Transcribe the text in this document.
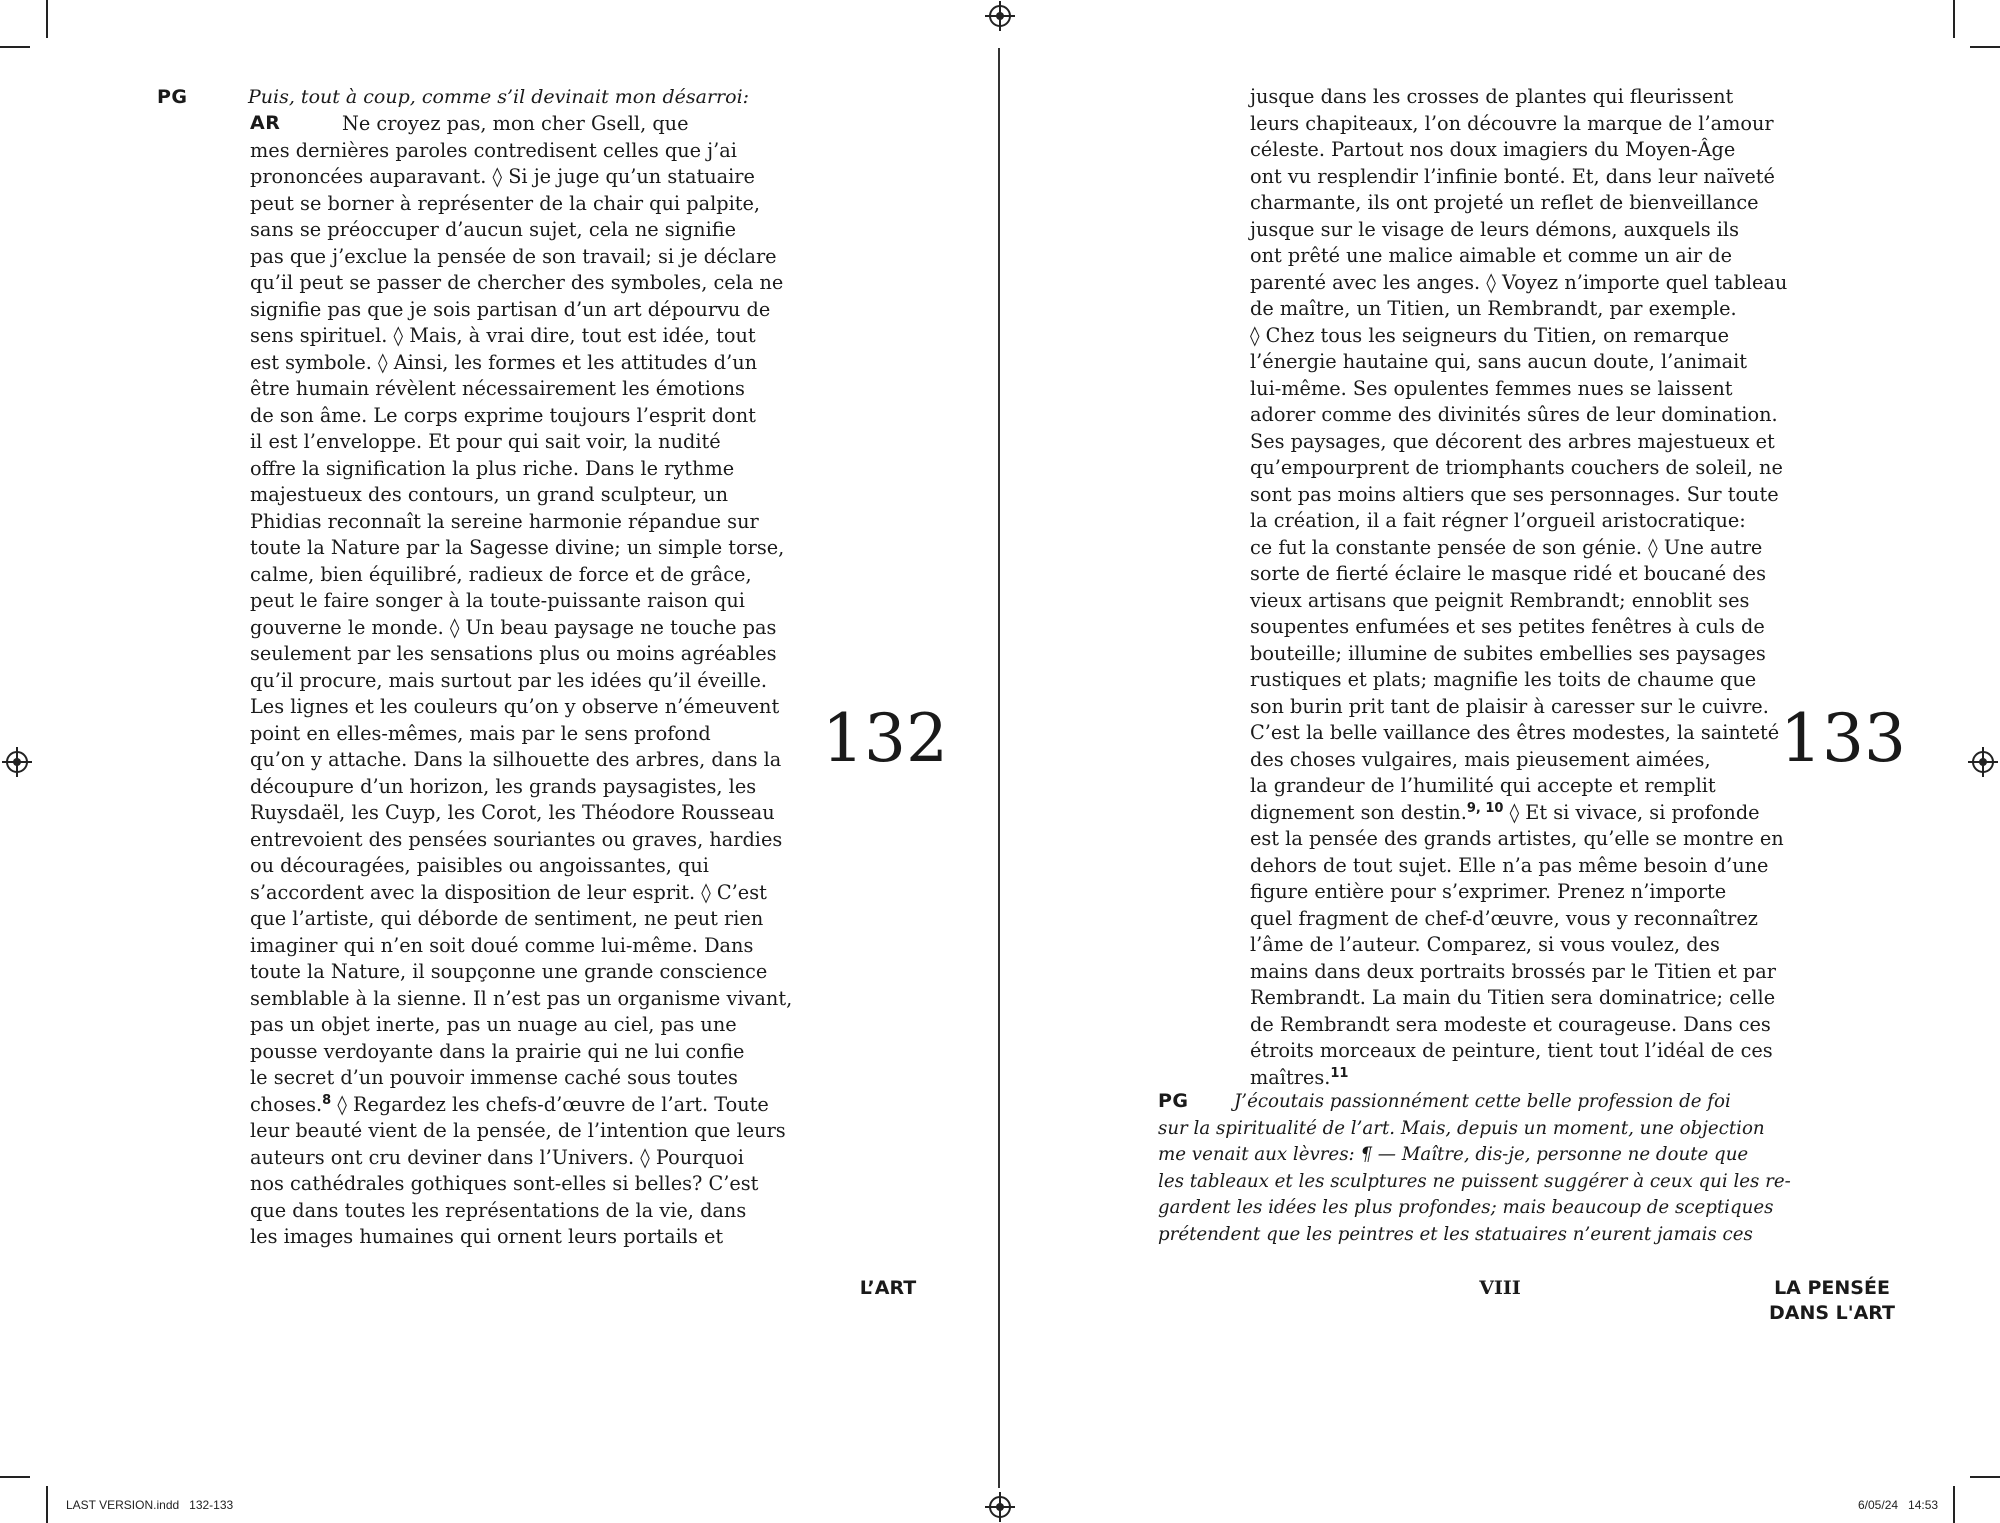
PG	Puis, tout à coup, comme s’il devinait mon désarroi:
AR	Ne croyez pas, mon cher Gsell, que
mes dernières paroles contredisent celles que j’ai
prononcées auparavant. ◊ Si je juge qu’un statuaire
peut se borner à représenter de la chair qui palpite,
sans se préoccuper d’aucun sujet, cela ne signifie
pas que j’exclue la pensée de son travail; si je déclare
qu’il peut se passer de chercher des symboles, cela ne
signifie pas que je sois partisan d’un art dépourvu de
sens spirituel. ◊ Mais, à vrai dire, tout est idée, tout
est symbole. ◊ Ainsi, les formes et les attitudes d’un
être humain révèlent nécessairement les émotions
de son âme. Le corps exprime toujours l’esprit dont
il est l’enveloppe. Et pour qui sait voir, la nudité
offre la signification la plus riche. Dans le rythme
majestueux des contours, un grand sculpteur, un
Phidias reconnaît la sereine harmonie répandue sur
toute la Nature par la Sagesse divine; un simple torse,
calme, bien équilibré, radieux de force et de grâce,
peut le faire songer à la toute-puissante raison qui
gouverne le monde. ◊ Un beau paysage ne touche pas
seulement par les sensations plus ou moins agréables
qu’il procure, mais surtout par les idées qu’il éveille.
Les lignes et les couleurs qu’on y observe n’émeuvent
point en elles-mêmes, mais par le sens profond
qu’on y attache. Dans la silhouette des arbres, dans la
découpure d’un horizon, les grands paysagistes, les
Ruysdaël, les Cuyp, les Corot, les Théodore Rousseau
entrevoient des pensées souriantes ou graves, hardies
ou découragées, paisibles ou angoissantes, qui
s’accordent avec la disposition de leur esprit. ◊ C’est
que l’artiste, qui déborde de sentiment, ne peut rien
imaginer qui n’en soit doué comme lui-même. Dans
toute la Nature, il soupçonne une grande conscience
semblable à la sienne. Il n’est pas un organisme vivant,
pas un objet inerte, pas un nuage au ciel, pas une
pousse verdoyante dans la prairie qui ne lui confie
le secret d’un pouvoir immense caché sous toutes
choses.$^8$ ◊ Regardez les chefs-d’œuvre de l’art. Toute
leur beauté vient de la pensée, de l’intention que leurs
auteurs ont cru deviner dans l’Univers. ◊ Pourquoi
nos cathédrales gothiques sont-elles si belles? C’est
que dans toutes les représentations de la vie, dans
les images humaines qui ornent leurs portails et
132
L’ART
jusque dans les crosses de plantes qui fleurissent
leurs chapiteaux, l’on découvre la marque de l’amour
céleste. Partout nos doux imagiers du Moyen-Âge
ont vu resplendir l’infinie bonté. Et, dans leur naïveté
charmante, ils ont projeté un reflet de bienveillance
jusque sur le visage de leurs démons, auxquels ils
ont prêté une malice aimable et comme un air de
parenté avec les anges. ◊ Voyez n’importe quel tableau
de maître, un Titien, un Rembrandt, par exemple.
◊ Chez tous les seigneurs du Titien, on remarque
l’énergie hautaine qui, sans aucun doute, l’animait
lui-même. Ses opulentes femmes nues se laissent
adorer comme des divinités sûres de leur domination.
Ses paysages, que décorent des arbres majestueux et
qu’empourprent de triomphants couchers de soleil, ne
sont pas moins altiers que ses personnages. Sur toute
la création, il a fait régner l’orgueil aristocratique:
ce fut la constante pensée de son génie. ◊ Une autre
sorte de fierté éclaire le masque ridé et boucané des
vieux artisans que peignit Rembrandt; ennoblit ses
soupentes enfumées et ses petites fenêtres à culs de
bouteille; illumine de subites embellies ses paysages
rustiques et plats; magnifie les toits de chaume que
son burin prit tant de plaisir à caresser sur le cuivre.
C’est la belle vaillance des êtres modestes, la sainteté
des choses vulgaires, mais pieusement aimées,
la grandeur de l’humilité qui accepte et remplit
dignement son destin.$^{9, 10}$ ◊ Et si vivace, si profonde
est la pensée des grands artistes, qu’elle se montre en
dehors de tout sujet. Elle n’a pas même besoin d’une
figure entière pour s’exprimer. Prenez n’importe
quel fragment de chef-d’œuvre, vous y reconnaîtrez
l’âme de l’auteur. Comparez, si vous voulez, des
mains dans deux portraits brossés par le Titien et par
Rembrandt. La main du Titien sera dominatrice; celle
de Rembrandt sera modeste et courageuse. Dans ces
étroits morceaux de peinture, tient tout l’idéal de ces
maîtres.$^{11}$
PG	J’écoutais passionnément cette belle profession de foi
sur la spiritualité de l’art. Mais, depuis un moment, une objection
me venait aux lèvres: ¶ — Maître, dis-je, personne ne doute que
les tableaux et les sculptures ne puissent suggérer à ceux qui les re-
gardent les idées les plus profondes; mais beaucoup de sceptiques
prétendent que les peintres et les statuaires n’eurent jamais ces
133
VIII	LA PENSÉE
DANS L'ART
LAST VERSION.indd   132-133	6/05/24   14:53
